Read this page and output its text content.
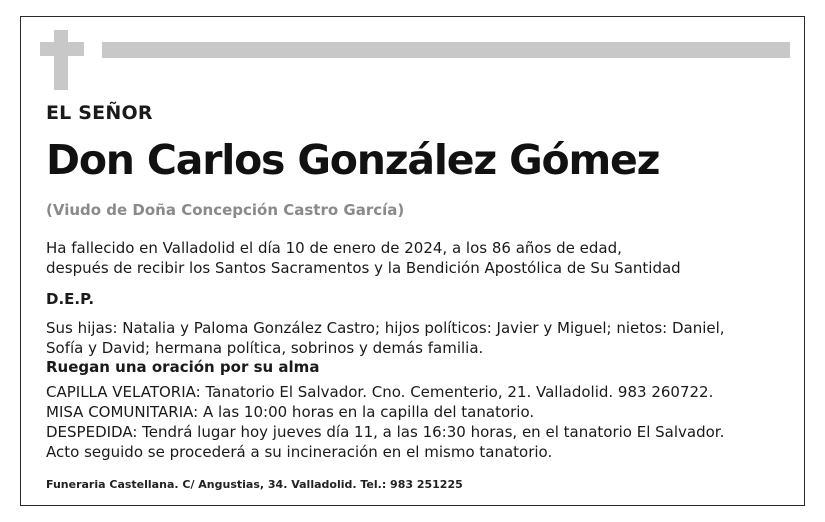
EL SEÑOR
Don Carlos González Gómez
(Viudo de Doña Concepción Castro García)
Ha fallecido en Valladolid el día 10 de enero de 2024, a los 86 años de edad,
después de recibir los Santos Sacramentos y la Bendición Apostólica de Su Santidad
D.E.P.
Sus hijas: Natalia y Paloma González Castro; hijos políticos: Javier y Miguel; nietos: Daniel,
Sofía y David; hermana política, sobrinos y demás familia.
Ruegan una oración por su alma
CAPILLA VELATORIA: Tanatorio El Salvador. Cno. Cementerio, 21. Valladolid. 983 260722.
MISA COMUNITARIA: A las 10:00 horas en la capilla del tanatorio.
DESPEDIDA: Tendrá lugar hoy jueves día 11, a las 16:30 horas, en el tanatorio El Salvador.
Acto seguido se procederá a su incineración en el mismo tanatorio.
Funeraria Castellana. C/ Angustias, 34. Valladolid. Tel.: 983 251225
